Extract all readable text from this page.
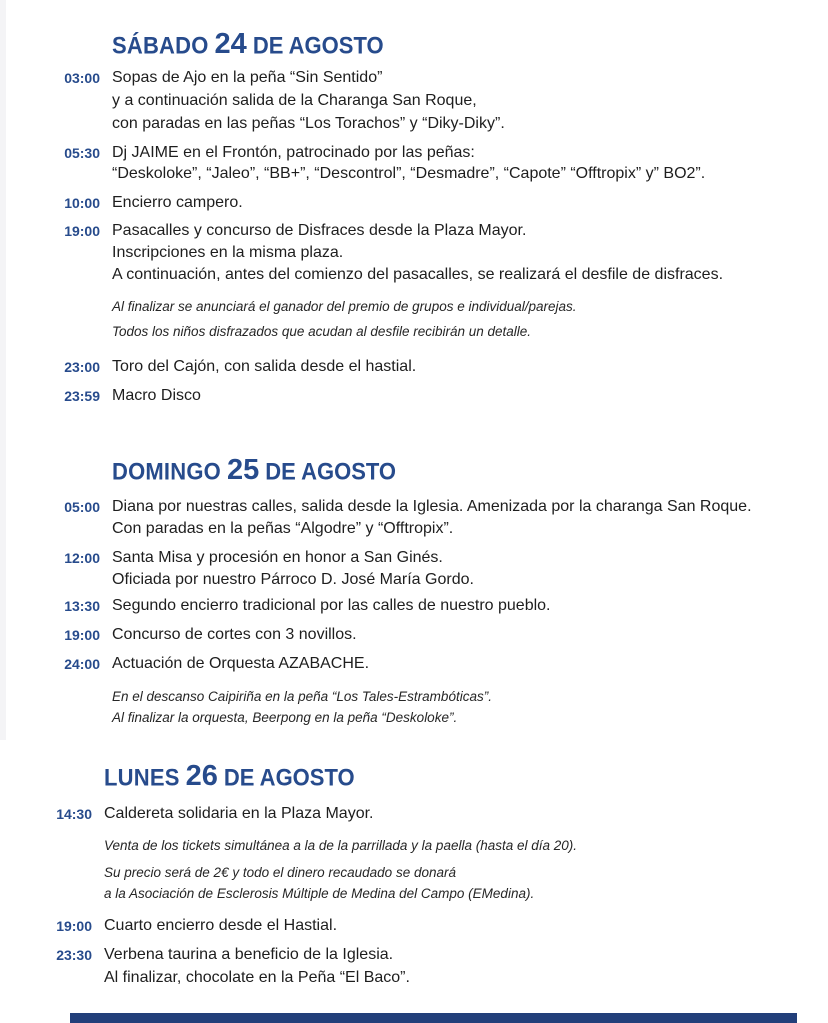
SÁBADO 24 DE AGOSTO
03:00 Sopas de Ajo en la peña “Sin Sentido”
y a continuación salida de la Charanga San Roque,
con paradas en las peñas “Los Torachos” y “Diky-Diky”.
05:30 Dj JAIME en el Frontón, patrocinado por las peñas:
“Deskoloke”, “Jaleo”, “BB+”, “Descontrol”, “Desmadre”, “Capote” “Offtropix” y” BO2”.
10:00 Encierro campero.
19:00 Pasacalles y concurso de Disfraces desde la Plaza Mayor.
Inscripciones en la misma plaza.
A continuación, antes del comienzo del pasacalles, se realizará el desfile de disfraces.
Al finalizar se anunciará el ganador del premio de grupos e individual/parejas.
Todos los niños disfrazados que acudan al desfile recibirán un detalle.
23:00 Toro del Cajón, con salida desde el hastial.
23:59 Macro Disco
DOMINGO 25 DE AGOSTO
05:00 Diana por nuestras calles, salida desde la Iglesia. Amenizada por la charanga San Roque.
Con paradas en la peñas “Algodre” y “Offtropix”.
12:00 Santa Misa y procesión en honor a San Ginés.
Oficiada por nuestro Párroco D. José María Gordo.
13:30 Segundo encierro tradicional por las calles de nuestro pueblo.
19:00 Concurso de cortes con 3 novillos.
24:00 Actuación de Orquesta AZABACHE.
En el descanso Caipiriña en la peña “Los Tales-Estrambóticas”.
Al finalizar la orquesta, Beerpong en la peña “Deskoloke”.
LUNES 26 DE AGOSTO
14:30 Caldereta solidaria en la Plaza Mayor.
Venta de los tickets simultánea a la de la parrillada y la paella (hasta el día 20).
Su precio será de 2€ y todo el dinero recaudado se donará
a la Asociación de Esclerosis Múltiple de Medina del Campo (EMedina).
19:00 Cuarto encierro desde el Hastial.
23:30 Verbena taurina a beneficio de la Iglesia.
Al finalizar, chocolate en la Peña “El Baco”.
